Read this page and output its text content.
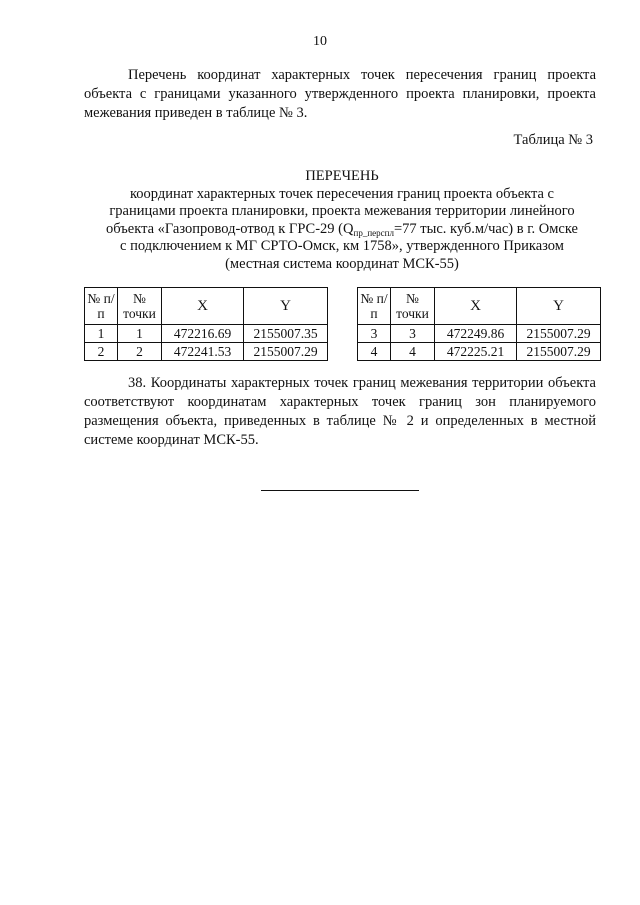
10

Перечень координат характерных точек пересечения границ проекта объекта с границами указанного утвержденного проекта планировки, проекта межевания приведен в таблице № 3.

Таблица № 3
ПЕРЕЧЕНЬ
координат характерных точек пересечения границ проекта объекта с
границами проекта планировки, проекта межевания территории линейного
объекта «Газопровод-отвод к ГРС-29 ($Q_{пр\_перспл}=77$ тыс. куб.м/час) в г. Омске
с подключением к МГ СРТО-Омск, км 1758», утвержденного Приказом
(местная система координат МСК-55)
№ п/п	№ точки	X	Y
1	1	472216.69	2155007.35
2	2	472241.53	2155007.29
№ п/п	№ точки	X	Y
3	3	472249.86	2155007.29
4	4	472225.21	2155007.29

38. Координаты характерных точек границ межевания территории объекта соответствуют координатам характерных точек границ зон планируемого размещения объекта, приведенных в таблице № 2 и определенных в местной системе координат МСК-55.
